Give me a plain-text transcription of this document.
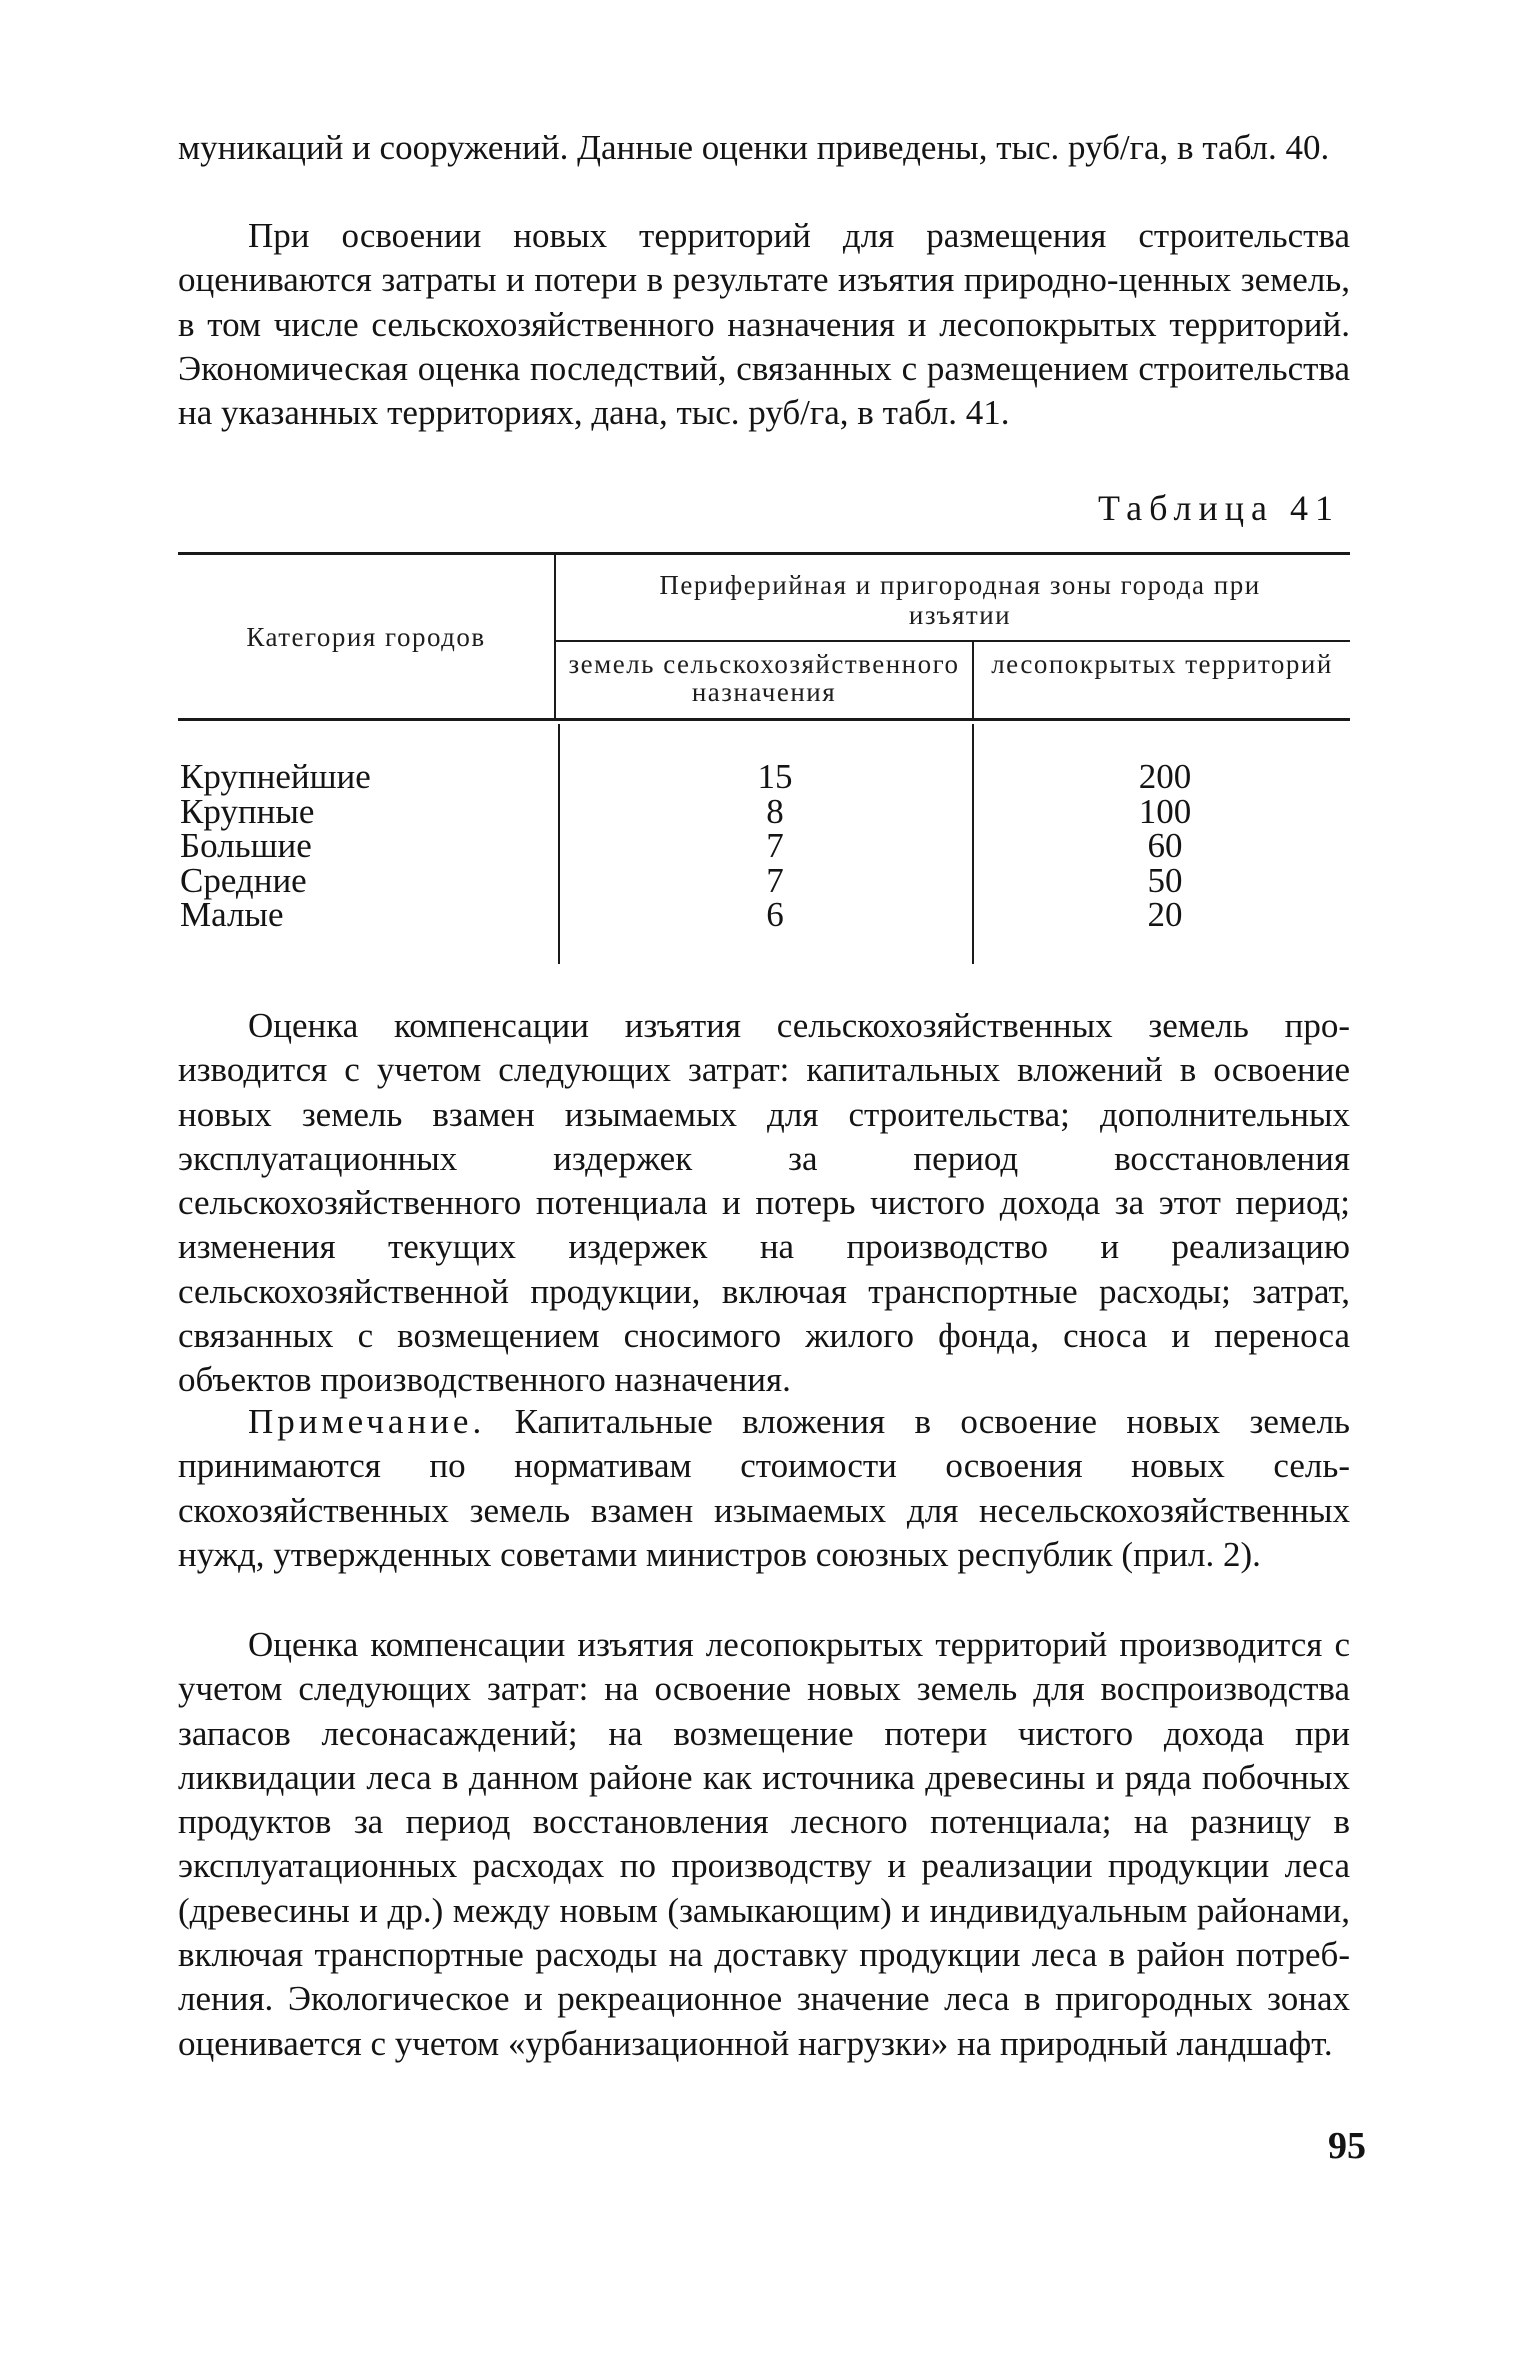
муникаций и сооружений. Данные оценки приведены, тыс. руб/га, в табл. 40.

При освоении новых территорий для размещения строительства оцениваются затраты и потери в результате изъятия природно-ценных земель, в том числе сельскохозяйственного назначения и лесопокрытых территорий. Экономическая оценка последствий, связанных с размещением строительства на указанных территориях, дана, тыс. руб/га, в табл. 41.

Таблица 41
Категория городов
Периферийная и пригородная зоны города при изъятии
земель сельскохозяйственного назначения
лесопокрытых территорий
Крупнейшие
Крупные
Большие
Средние
Малые
15
8
7
7
6
200
100
60
50
20

Оценка компенсации изъятия сельскохозяйственных земель производится с учетом следующих затрат: капитальных вложений в освоение новых земель взамен изымаемых для строительства; дополнительных эксплуатационных издержек за период восстановления сельскохозяйственного потенциала и потерь чистого дохода за этот период; изменения текущих издержек на производство и реализацию сельскохозяйственной продукции, включая транспортные расходы; затрат, связанных с возмещением сносимого жилого фонда, сноса и переноса объектов производственного назначения.

Примечание. Капитальные вложения в освоение новых земель принимаются по нормативам стоимости освоения новых сельскохозяйственных земель взамен изымаемых для несельскохозяйственных нужд, утвержденных советами министров союзных республик (прил. 2).

Оценка компенсации изъятия лесопокрытых территорий производится с учетом следующих затрат: на освоение новых земель для воспроизводства запасов лесонасаждений; на возмещение потери чистого дохода при ликвидации леса в данном районе как источника древесины и ряда побочных продуктов за период восстановления лесного потенциала; на разницу в эксплуатационных расходах по производству и реализации продукции леса (древесины и др.) между новым (замыкающим) и индивидуальным районами, включая транспортные расходы на доставку продукции леса в район потребления. Экологическое и рекреационное значение леса в пригородных зонах оценивается с учетом «урбанизационной нагрузки» на природный ландшафт.

95
